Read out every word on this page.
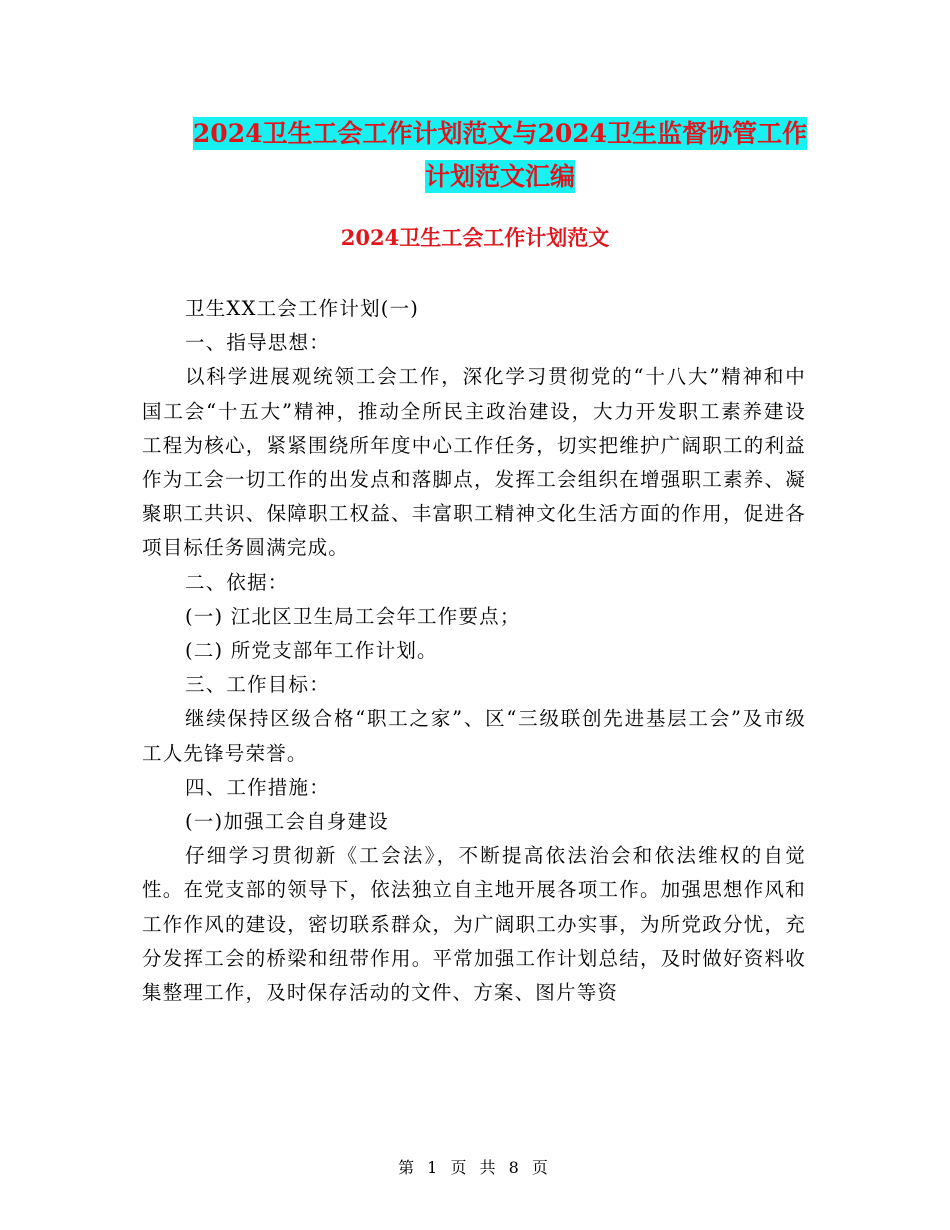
2024卫生工会工作计划范文与2024卫生监督协管工作
计划范文汇编
2024卫生工会工作计划范文

卫生XX工会工作计划(一)

一、指导思想：

以科学进展观统领工会工作，深化学习贯彻党的“十八大”精神和中国工会“十五大”精神，推动全所民主政治建设，大力开发职工素养建设工程为核心，紧紧围绕所年度中心工作任务，切实把维护广阔职工的利益作为工会一切工作的出发点和落脚点，发挥工会组织在增强职工素养、凝聚职工共识、保障职工权益、丰富职工精神文化生活方面的作用，促进各项目标任务圆满完成。

二、依据：

(一) 江北区卫生局工会年工作要点；

(二) 所党支部年工作计划。

三、工作目标：

继续保持区级合格“职工之家”、区“三级联创先进基层工会”及市级工人先锋号荣誉。

四、工作措施：

(一)加强工会自身建设

仔细学习贯彻新《工会法》，不断提高依法治会和依法维权的自觉性。在党支部的领导下，依法独立自主地开展各项工作。加强思想作风和工作作风的建设，密切联系群众，为广阔职工办实事，为所党政分忧，充分发挥工会的桥梁和纽带作用。平常加强工作计划总结，及时做好资料收集整理工作，及时保存活动的文件、方案、图片等资

第 1 页 共 8 页
